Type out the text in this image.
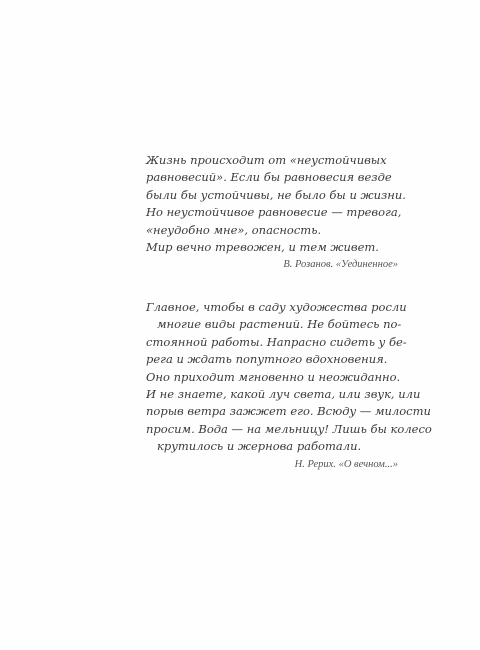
Жизнь происходит от «неустойчивых
равновесий». Если бы равновесия везде
были бы устойчивы, не было бы и жизни.
Но неустойчивое равновесие — тревога,
«неудобно мне», опасность.
Мир вечно тревожен, и тем живет.
В. Розанов. «Уединенное»
Главное, чтобы в саду художества росли
многие виды растений. Не бойтесь по-
стоянной работы. Напрасно сидеть у бе-
рега и ждать попутного вдохновения.
Оно приходит мгновенно и неожиданно.
И не знаете, какой луч света, или звук, или
порыв ветра зажжет его. Всюду — милости
просим. Вода — на мельницу! Лишь бы колесо
крутилось и жернова работали.
Н. Рерих. «О вечном...»
